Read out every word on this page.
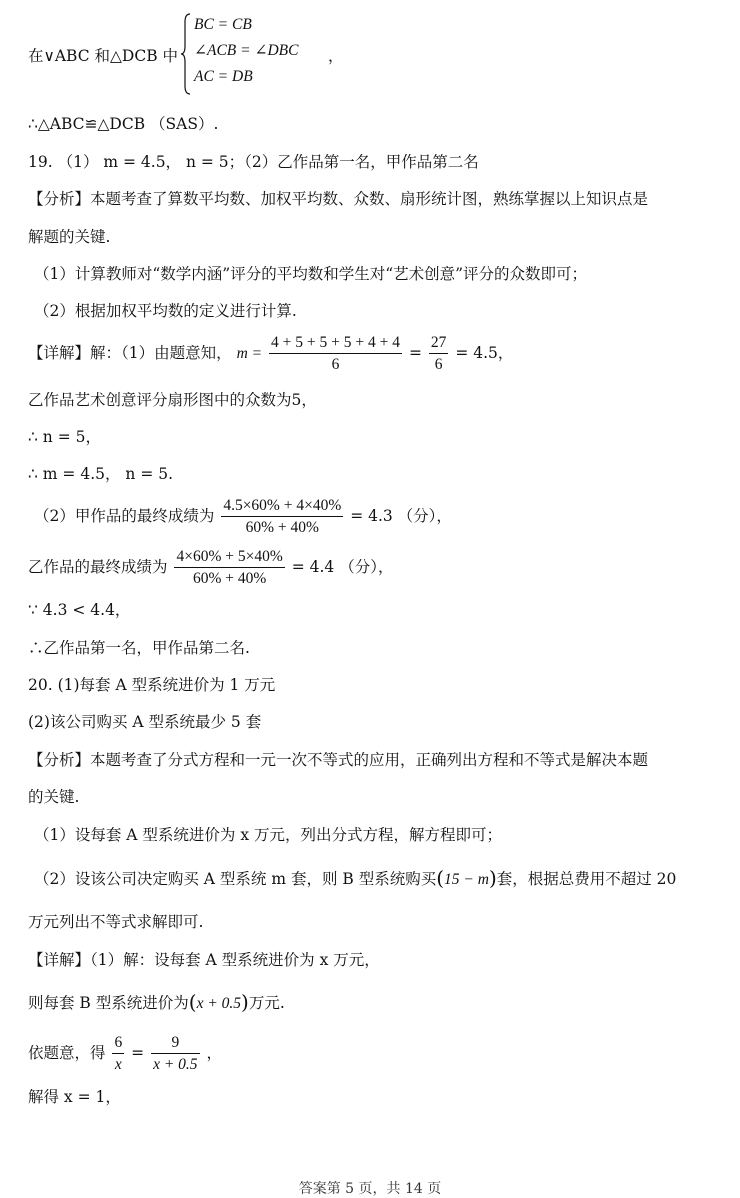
在∨ABC 和△DCB 中
BC = CB
∠ACB = ∠DBC
AC = DB
，
∴△ABC≌△DCB （SAS）.
19. （1） m = 4.5， n = 5；（2）乙作品第一名，甲作品第二名
【分析】本题考查了算数平均数、加权平均数、众数、扇形统计图，熟练掌握以上知识点是
解题的关键.
（1）计算教师对“数学内涵”评分的平均数和学生对“艺术创意”评分的众数即可；
（2）根据加权平均数的定义进行计算.
【详解】解：（1）由题意知， $m = \frac{4 + 5 + 5 + 5 + 4 + 4}{6} = \frac{27}{6} = 4.5$，
乙作品艺术创意评分扇形图中的众数为5，
∴ n = 5，
∴ m = 4.5， n = 5.
（2）甲作品的最终成绩为 $\frac{4.5\times 60\% + 4\times 40\%}{60\% + 40\%} = 4.3$ （分），
乙作品的最终成绩为 $\frac{4\times 60\% + 5\times 40\%}{60\% + 40\%} = 4.4$ （分），
∵ 4.3 < 4.4，
∴乙作品第一名，甲作品第二名.
20. (1)每套 A 型系统进价为 1 万元
(2)该公司购买 A 型系统最少 5 套
【分析】本题考查了分式方程和一元一次不等式的应用，正确列出方程和不等式是解决本题
的关键.
（1）设每套 A 型系统进价为 x 万元，列出分式方程，解方程即可；
（2）设该公司决定购买 A 型系统 m 套，则 B 型系统购买(15 − m)套，根据总费用不超过 20
万元列出不等式求解即可.
【详解】（1）解：设每套 A 型系统进价为 x 万元，
则每套 B 型系统进价为(x + 0.5)万元.
依题意，得 $\frac{6}{x} = \frac{9}{x + 0.5}$ ，
解得 x = 1，
答案第 5 页，共 14 页
